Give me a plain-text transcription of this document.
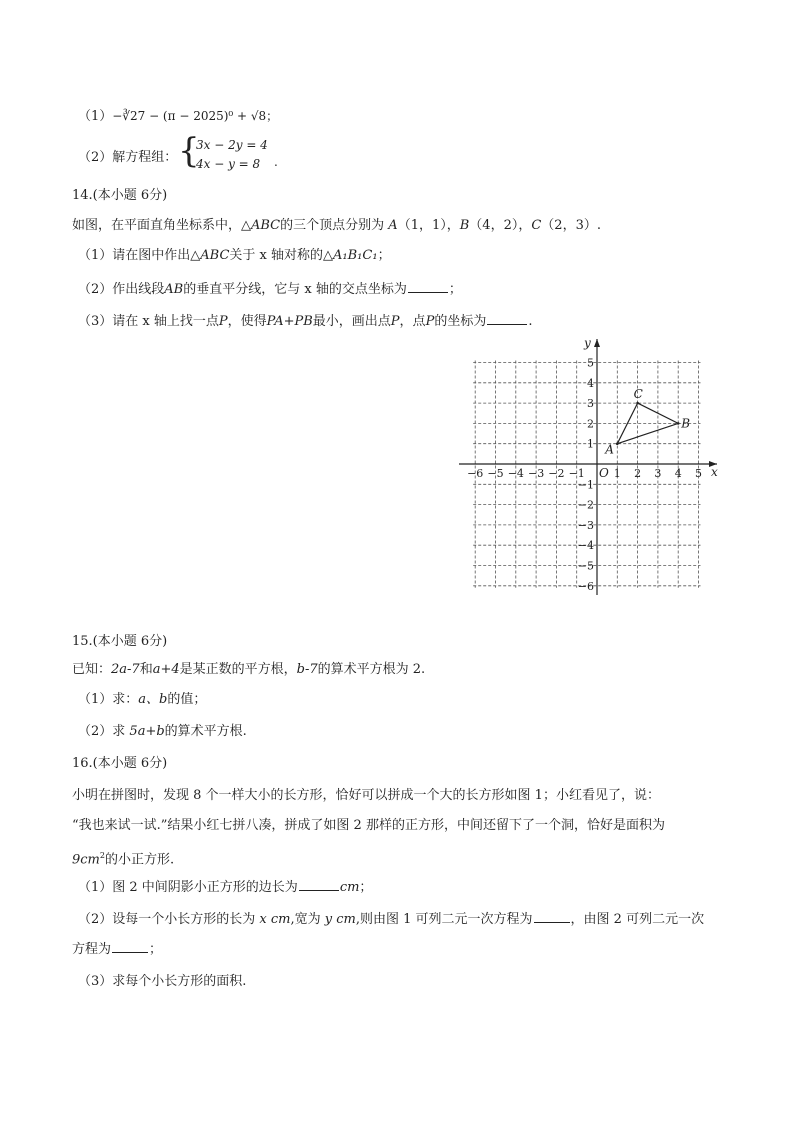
（1）−∛27 − (π − 2025)⁰ + √8；
（2）解方程组： {
3x − 2y = 4
4x − y = 8 .
14.(本小题 6分)
如图，在平面直角坐标系中，△ABC的三个顶点分别为 A（1，1），B（4，2），C（2，3）.
（1）请在图中作出△ABC关于 x 轴对称的△A₁B₁C₁；
（2）作出线段AB的垂直平分线，它与 x 轴的交点坐标为	；
（3）请在 x 轴上找一点P，使得PA+PB最小，画出点P，点P的坐标为	.
x
y
O
−6 −5 −4 −3 −2 −1	1 2 3 4 5
5
4
3
2
1
−1
−2
−3
−4
−5
−6
A
B
C
15.(本小题 6分)
已知：2a-7和a+4是某正数的平方根，b-7的算术平方根为 2.
（1）求：a、b的值；
（2）求 5a+b的算术平方根.
16.(本小题 6分)
小明在拼图时，发现 8 个一样大小的长方形，恰好可以拼成一个大的长方形如图 1；小红看见了，说：
“我也来试一试.”结果小红七拼八凑，拼成了如图 2 那样的正方形，中间还留下了一个洞，恰好是面积为
$9cm^2$的小正方形.
（1）图 2 中间阴影小正方形的边长为	cm；
（2）设每一个小长方形的长为 x cm,宽为 y cm,则由图 1 可列二元一次方程为	，由图 2 可列二元一次
方程为	；
（3）求每个小长方形的面积.
